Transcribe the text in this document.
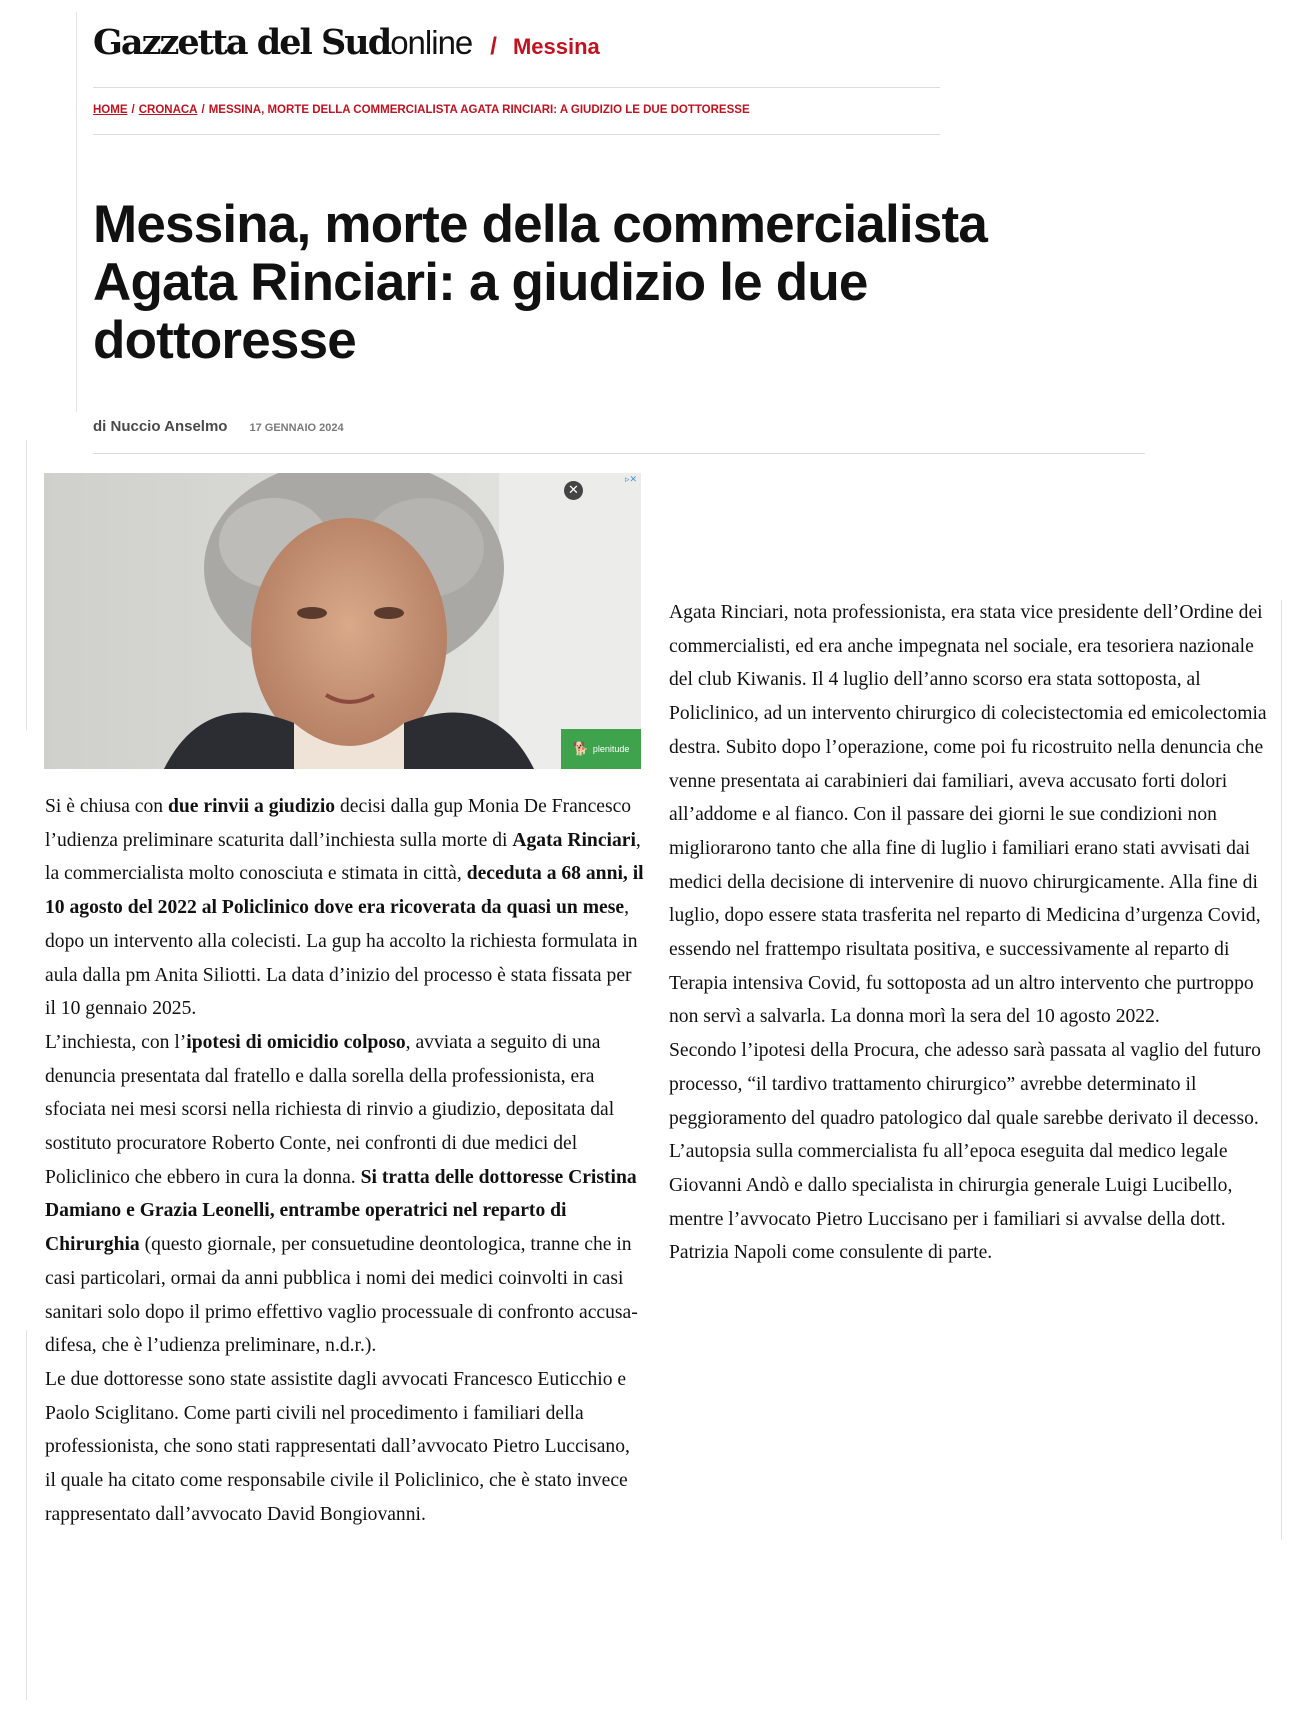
Gazzetta del Sud online / Messina
HOME / CRONACA / MESSINA, MORTE DELLA COMMERCIALISTA AGATA RINCIARI: A GIUDIZIO LE DUE DOTTORESSE
Messina, morte della commercialista
Agata Rinciari: a giudizio le due
dottoresse
di Nuccio Anselmo 17 GENNAIO 2024
✕
▹✕
🐕 plenitude

Si è chiusa con due rinvii a giudizio decisi dalla gup Monia De Francesco l’udienza preliminare scaturita dall’inchiesta sulla morte di Agata Rinciari, la commercialista molto conosciuta e stimata in città, deceduta a 68 anni, il 10 agosto del 2022 al Policlinico dove era ricoverata da quasi un mese, dopo un intervento alla colecisti. La gup ha accolto la richiesta formulata in aula dalla pm Anita Siliotti. La data d’inizio del processo è stata fissata per il 10 gennaio 2025.

L’inchiesta, con l’ipotesi di omicidio colposo, avviata a seguito di una denuncia presentata dal fratello e dalla sorella della professionista, era sfociata nei mesi scorsi nella richiesta di rinvio a giudizio, depositata dal sostituto procuratore Roberto Conte, nei confronti di due medici del Policlinico che ebbero in cura la donna. Si tratta delle dottoresse Cristina Damiano e Grazia Leonelli, entrambe operatrici nel reparto di Chirurghia (questo giornale, per consuetudine deontologica, tranne che in casi particolari, ormai da anni pubblica i nomi dei medici coinvolti in casi sanitari solo dopo il primo effettivo vaglio processuale di confronto accusa-difesa, che è l’udienza preliminare, n.d.r.).

Le due dottoresse sono state assistite dagli avvocati Francesco Euticchio e Paolo Sciglitano. Come parti civili nel procedimento i familiari della professionista, che sono stati rappresentati dall’avvocato Pietro Luccisano, il quale ha citato come responsabile civile il Policlinico, che è stato invece rappresentato dall’avvocato David Bongiovanni.

Agata Rinciari, nota professionista, era stata vice presidente dell’Ordine dei commercialisti, ed era anche impegnata nel sociale, era tesoriera nazionale del club Kiwanis. Il 4 luglio dell’anno scorso era stata sottoposta, al Policlinico, ad un intervento chirurgico di colecistectomia ed emicolectomia destra. Subito dopo l’operazione, come poi fu ricostruito nella denuncia che venne presentata ai carabinieri dai familiari, aveva accusato forti dolori all’addome e al fianco. Con il passare dei giorni le sue condizioni non migliorarono tanto che alla fine di luglio i familiari erano stati avvisati dai medici della decisione di intervenire di nuovo chirurgicamente. Alla fine di luglio, dopo essere stata trasferita nel reparto di Medicina d’urgenza Covid, essendo nel frattempo risultata positiva, e successivamente al reparto di Terapia intensiva Covid, fu sottoposta ad un altro intervento che purtroppo non servì a salvarla. La donna morì la sera del 10 agosto 2022.

Secondo l’ipotesi della Procura, che adesso sarà passata al vaglio del futuro processo, “il tardivo trattamento chirurgico” avrebbe determinato il peggioramento del quadro patologico dal quale sarebbe derivato il decesso.

L’autopsia sulla commercialista fu all’epoca eseguita dal medico legale Giovanni Andò e dallo specialista in chirurgia generale Luigi Lucibello, mentre l’avvocato Pietro Luccisano per i familiari si avvalse della dott. Patrizia Napoli come consulente di parte.
